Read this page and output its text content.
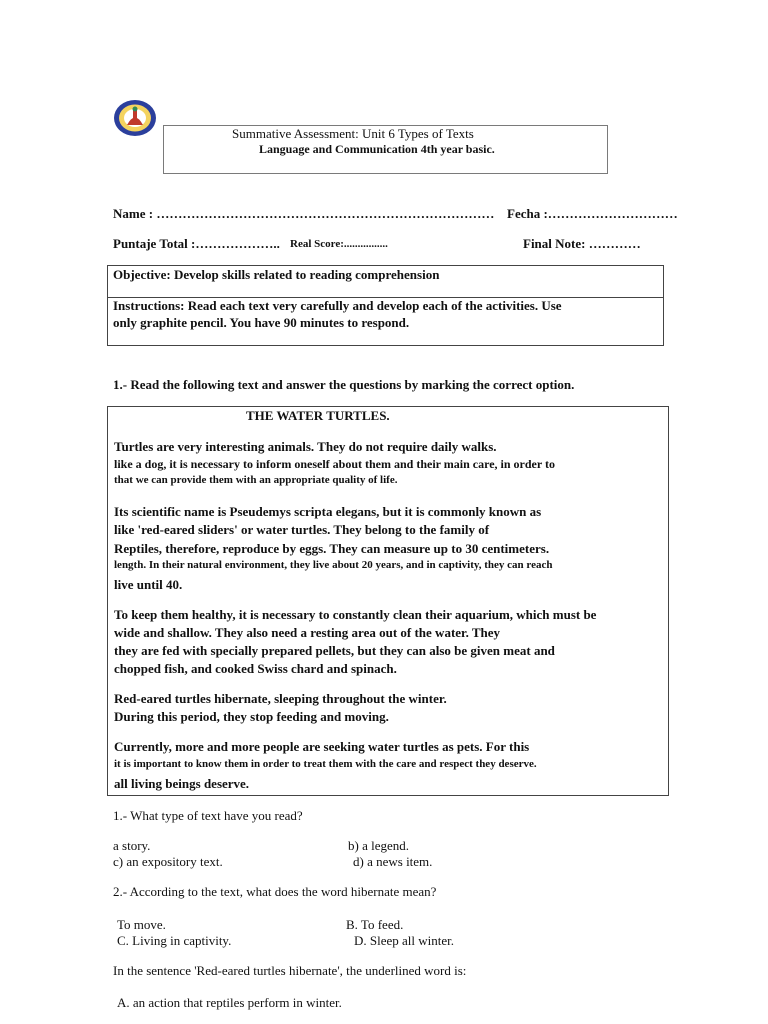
Summative Assessment: Unit 6 Types of Texts
Language and Communication 4th year basic.
Name : …………………………………………………………………… Fecha :…………………………
Puntaje Total :……………….. Real Score:................	Final Note: …………
Objective: Develop skills related to reading comprehension
Instructions: Read each text very carefully and develop each of the activities. Use
only graphite pencil. You have 90 minutes to respond.
1.- Read the following text and answer the questions by marking the correct option.
THE WATER TURTLES.
Turtles are very interesting animals. They do not require daily walks.
like a dog, it is necessary to inform oneself about them and their main care, in order to
that we can provide them with an appropriate quality of life.
Its scientific name is Pseudemys scripta elegans, but it is commonly known as
like 'red-eared sliders' or water turtles. They belong to the family of
Reptiles, therefore, reproduce by eggs. They can measure up to 30 centimeters.
length. In their natural environment, they live about 20 years, and in captivity, they can reach
live until 40.
To keep them healthy, it is necessary to constantly clean their aquarium, which must be
wide and shallow. They also need a resting area out of the water. They
they are fed with specially prepared pellets, but they can also be given meat and
chopped fish, and cooked Swiss chard and spinach.
Red-eared turtles hibernate, sleeping throughout the winter.
During this period, they stop feeding and moving.
Currently, more and more people are seeking water turtles as pets. For this
it is important to know them in order to treat them with the care and respect they deserve.
all living beings deserve.
1.- What type of text have you read?
a story.	b) a legend.
c) an expository text.	d) a news item.
2.- According to the text, what does the word hibernate mean?
To move.	B. To feed.
C. Living in captivity.	D. Sleep all winter.
In the sentence 'Red-eared turtles hibernate', the underlined word is:
A. an action that reptiles perform in winter.
